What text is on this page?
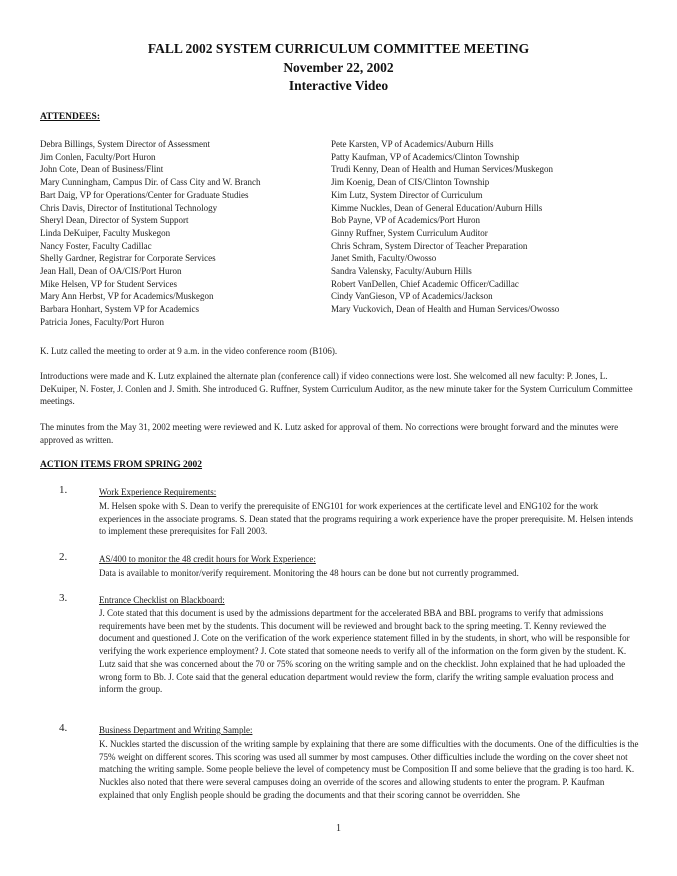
FALL 2002 SYSTEM CURRICULUM COMMITTEE MEETING
November 22, 2002
Interactive Video
ATTENDEES:
Debra Billings, System Director of Assessment
Jim Conlen, Faculty/Port Huron
John Cote, Dean of Business/Flint
Mary Cunningham, Campus Dir. of Cass City and W. Branch
Bart Daig, VP for Operations/Center for Graduate Studies
Chris Davis, Director of Institutional Technology
Sheryl Dean, Director of System Support
Linda DeKuiper, Faculty Muskegon
Nancy Foster, Faculty Cadillac
Shelly Gardner, Registrar for Corporate Services
Jean Hall, Dean of OA/CIS/Port Huron
Mike Helsen, VP for Student Services
Mary Ann Herbst, VP for Academics/Muskegon
Barbara Honhart, System VP for Academics
Patricia Jones, Faculty/Port Huron
Pete Karsten, VP of Academics/Auburn Hills
Patty Kaufman, VP of Academics/Clinton Township
Trudi Kenny, Dean of Health and Human Services/Muskegon
Jim Koenig, Dean of CIS/Clinton Township
Kim Lutz, System Director of Curriculum
Kimme Nuckles, Dean of General Education/Auburn Hills
Bob Payne, VP of Academics/Port Huron
Ginny Ruffner, System Curriculum Auditor
Chris Schram, System Director of Teacher Preparation
Janet Smith, Faculty/Owosso
Sandra Valensky, Faculty/Auburn Hills
Robert VanDellen, Chief Academic Officer/Cadillac
Cindy VanGieson, VP of Academics/Jackson
Mary Vuckovich, Dean of Health and Human Services/Owosso
K. Lutz called the meeting to order at 9 a.m. in the video conference room (B106).
Introductions were made and K. Lutz explained the alternate plan (conference call) if video connections were lost. She welcomed all new faculty: P. Jones, L. DeKuiper, N. Foster, J. Conlen and J. Smith. She introduced G. Ruffner, System Curriculum Auditor, as the new minute taker for the System Curriculum Committee meetings.
The minutes from the May 31, 2002 meeting were reviewed and K. Lutz asked for approval of them. No corrections were brought forward and the minutes were approved as written.
ACTION ITEMS FROM SPRING 2002
1.	Work Experience Requirements:
M. Helsen spoke with S. Dean to verify the prerequisite of ENG101 for work experiences at the certificate level and ENG102 for the work experiences in the associate programs. S. Dean stated that the programs requiring a work experience have the proper prerequisite. M. Helsen intends to implement these prerequisites for Fall 2003.
2.	AS/400 to monitor the 48 credit hours for Work Experience:
Data is available to monitor/verify requirement. Monitoring the 48 hours can be done but not currently programmed.
3.	Entrance Checklist on Blackboard:
J. Cote stated that this document is used by the admissions department for the accelerated BBA and BBL programs to verify that admissions requirements have been met by the students. This document will be reviewed and brought back to the spring meeting. T. Kenny reviewed the document and questioned J. Cote on the verification of the work experience statement filled in by the students, in short, who will be responsible for verifying the work experience employment? J. Cote stated that someone needs to verify all of the information on the form given by the student. K. Lutz said that she was concerned about the 70 or 75% scoring on the writing sample and on the checklist. John explained that he had uploaded the wrong form to Bb. J. Cote said that the general education department would review the form, clarify the writing sample evaluation process and inform the group.
4.	Business Department and Writing Sample:
K. Nuckles started the discussion of the writing sample by explaining that there are some difficulties with the documents. One of the difficulties is the 75% weight on different scores. This scoring was used all summer by most campuses. Other difficulties include the wording on the cover sheet not matching the writing sample. Some people believe the level of competency must be Composition II and some believe that the grading is too hard. K. Nuckles also noted that there were several campuses doing an override of the scores and allowing students to enter the program. P. Kaufman explained that only English people should be grading the documents and that their scoring cannot be overridden. She
1
